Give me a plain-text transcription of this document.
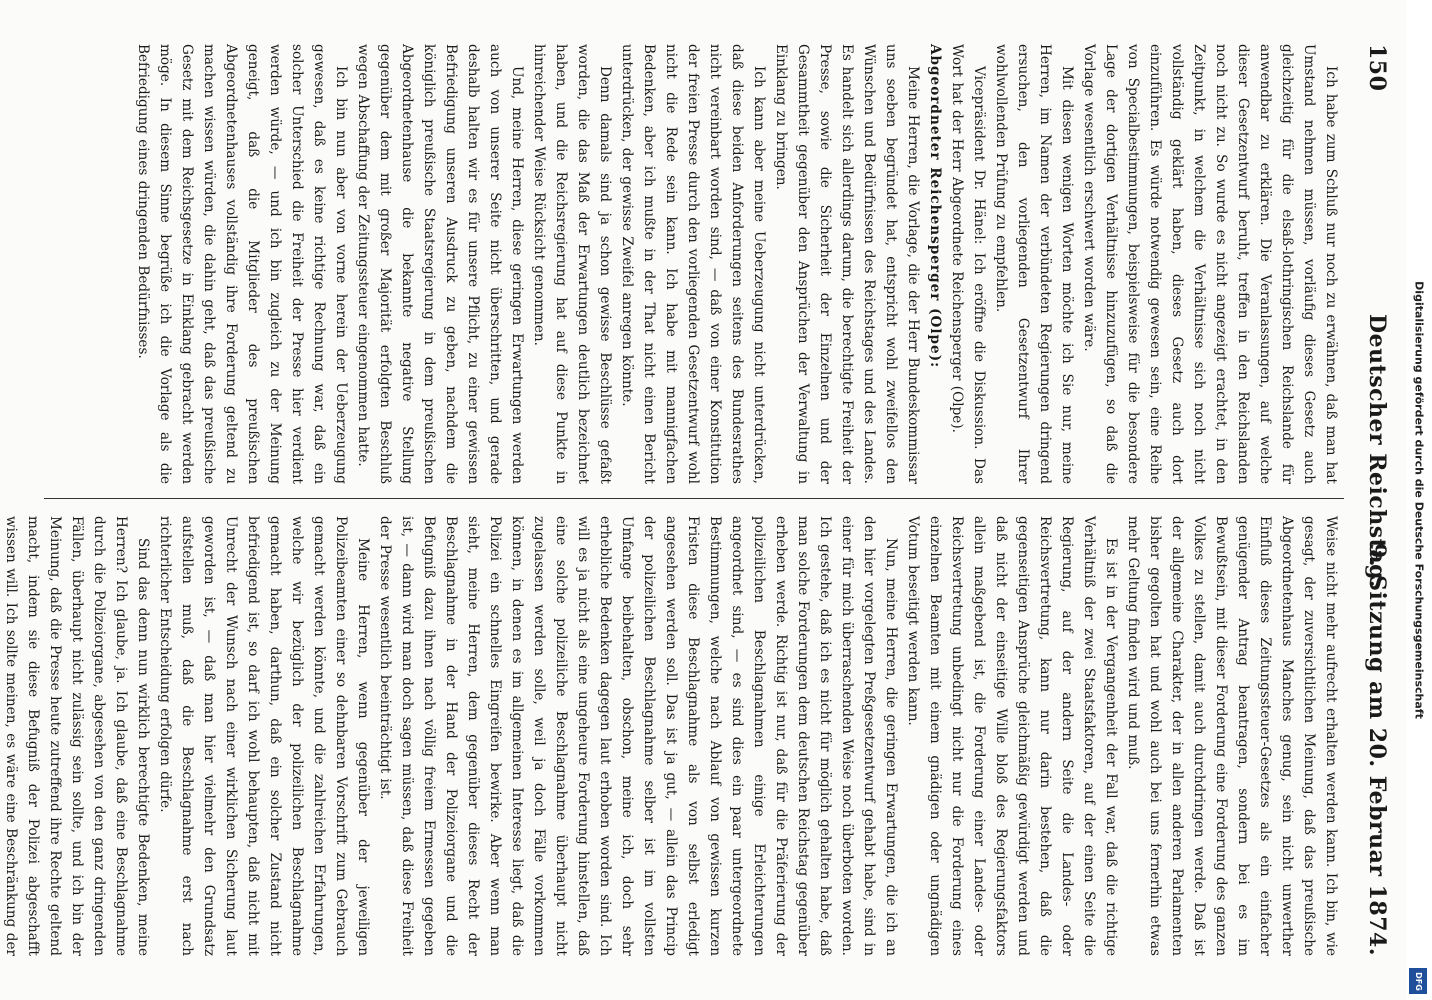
150
Deutscher Reichstag.
9. Sitzung am 20. Februar 1874.

Ich habe zum Schluß nur noch zu erwähnen, daß man hat Umstand nehmen müssen, vorläufig dieses Gesetz auch gleichzeitig für die elsaß-lothringischen Reichslande für anwendbar zu erklären. Die Veranlassungen, auf welche dieser Gesetzentwurf beruht, treffen in den Reichslanden noch nicht zu. So wurde es nicht angezeigt erachtet, in den Zeitpunkt, in welchem die Verhältnisse sich noch nicht vollständig geklärt haben, dieses Gesetz auch dort einzuführen. Es würde notwendig gewesen sein, eine Reihe von Specialbestimmungen, beispielsweise für die besondere Lage der dortigen Verhältnisse hinzuzufügen, so daß die Vorlage wesentlich erschwert worden wäre.

Mit diesen wenigen Worten möchte ich Sie nur, meine Herren, im Namen der verbündeten Regierungen dringend ersuchen, den vorliegenden Gesetzentwurf Ihrer wohlwollenden Prüfung zu empfehlen.

Vicepräsident Dr. Hänel: Ich eröffne die Diskussion. Das Wort hat der Herr Abgeordnete Reichensperger (Olpe).

Abgeordneter Reichensperger (Olpe):

Meine Herren, die Vorlage, die der Herr Bundeskommissar uns soeben begründet hat, entspricht wohl zweifellos den Wünschen und Bedürfnissen des Reichstages und des Landes. Es handelt sich allerdings darum, die berechtigte Freiheit der Presse, sowie die Sicherheit der Einzelnen und der Gesammtheit gegenüber den Ansprüchen der Verwaltung in Einklang zu bringen.

Ich kann aber meine Ueberzeugung nicht unterdrücken, daß diese beiden Anforderungen seitens des Bundesrathes nicht vereinbart worden sind, — daß von einer Konstitution der freien Presse durch den vorliegenden Gesetzentwurf wohl nicht die Rede sein kann. Ich habe mit mannigfachen Bedenken, aber ich mußte in der That nicht einen Bericht unterdrücken, der gewisse Zweifel anregen könnte.

Denn damals sind ja schon gewisse Beschlüsse gefaßt worden, die das Maß der Erwartungen deutlich bezeichnet haben, und die Reichsregierung hat auf diese Punkte in hinreichender Weise Rücksicht genommen.

Und, meine Herren, diese geringen Erwartungen werden auch von unserer Seite nicht überschritten, und gerade deshalb halten wir es für unsere Pflicht, zu einer gewissen Befriedigung unseren Ausdruck zu geben, nachdem die königlich preußische Staatsregierung in dem preußischen Abgeordnetenhause die bekannte negative Stellung gegenüber dem mit großer Majorität erfolgten Beschluß wegen Abschaffung der Zeitungssteuer eingenommen hatte.

Ich bin nun aber von vorne herein der Ueberzeugung gewesen, daß es keine richtige Rechnung war, daß ein solcher Unterschied die Freiheit der Presse hier verdient werden würde, — und ich bin zugleich zu der Meinung geneigt, daß die Mitglieder des preußischen Abgeordnetenhauses vollständig ihre Forderung geltend zu machen wissen würden, die dahin geht, daß das preußische Gesetz mit dem Reichsgesetze in Einklang gebracht werden möge. In diesem Sinne begrüße ich die Vorlage als die Befriedigung eines dringenden Bedürfnisses.

Weise nicht mehr aufrecht erhalten werden kann. Ich bin, wie gesagt, der zuversichtlichen Meinung, daß das preußische Abgeordnetenhaus Manches genug, sein nicht unwerther Einfluß dieses Zeitungssteuer-Gesetzes als ein einfacher genügender Antrag beantragen, sondern bei es im Bewußtsein, mit dieser Forderung eine Forderung des ganzen Volkes zu stellen, damit auch durchdringen werde. Daß ist der allgemeine Charakter, der in allen anderen Parlamenten bisher gegolten hat und wohl auch bei uns fernerhin etwas mehr Geltung finden wird und muß.

Es ist in der Vergangenheit der Fall war, daß die richtige Verhältniß der zwei Staatsfaktoren, auf der einen Seite die Regierung, auf der andern Seite die Landes- oder Reichsvertretung, kann nur darin bestehen, daß die gegenseitigen Ansprüche gleichmäßig gewürdigt werden und daß nicht der einseitige Wille bloß des Regierungsfaktors allein maßgebend ist, die Forderung einer Landes- oder Reichsvertretung unbedingt nicht nur die Forderung eines einzelnen Beamten mit einem gnädigen oder ungnädigen Votum beseitigt werden kann.

Nun, meine Herren, die geringen Erwartungen, die ich an den hier vorgelegten Preßgesetzentwurf gehabt habe, sind in einer für mich überraschenden Weise noch überboten worden. Ich gestehe, daß ich es nicht für möglich gehalten habe, daß man solche Forderungen dem deutschen Reichstag gegenüber erheben werde. Richtig ist nur, daß für die Präferierung der polizeilichen Beschlagnahmen einige Erleichterungen angeordnet sind, — es sind dies ein paar untergeordnete Bestimmungen, welche nach Ablauf von gewissen kurzen Fristen diese Beschlagnahme als von selbst erledigt angesehen werden soll. Das ist ja gut, — allein das Princip der polizeilichen Beschlagnahme selber ist im vollsten Umfange beibehalten, obschon, meine ich, doch sehr erhebliche Bedenken dagegen laut erhoben worden sind. Ich will es ja nicht als eine ungeheure Forderung hinstellen, daß eine solche polizeiliche Beschlagnahme überhaupt nicht zugelassen werden solle, weil ja doch Fälle vorkommen können, in denen es im allgemeinen Interesse liegt, daß die Polizei ein schnelles Eingreifen bewirke. Aber wenn man sieht, meine Herren, dem gegenüber dieses Recht der Beschlagnahme in der Hand der Polizeiorgane und die Befugniß dazu ihnen nach völlig freiem Ermessen gegeben ist, — dann wird man doch sagen müssen, daß diese Freiheit der Presse wesentlich beeinträchtigt ist.

Meine Herren, wenn gegenüber der jeweiligen Polizeibeamten einer so dehnbaren Vorschrift zum Gebrauch gemacht werden könnte, und die zahlreichen Erfahrungen, welche wir bezüglich der polizeilichen Beschlagnahme gemacht haben, darthun, daß ein solcher Zustand nicht befriedigend ist, so darf ich wohl behaupten, daß nicht mit Unrecht der Wunsch nach einer wirklichen Sicherung laut geworden ist, — daß man hier vielmehr den Grundsatz aufstellen muß, daß die Beschlagnahme erst nach richterlicher Entscheidung erfolgen dürfe.

Sind das denn nun wirklich berechtigte Bedenken, meine Herren? Ich glaube, ja. Ich glaube, daß eine Beschlagnahme durch die Polizeiorgane, abgesehen von den ganz dringenden Fällen, überhaupt nicht zulässig sein sollte, und ich bin der Meinung, daß die Presse heute zutreffend ihre Rechte geltend macht, indem sie diese Befugniß der Polizei abgeschafft wissen will. Ich sollte meinen, es wäre eine Beschränkung der

Digitalisierung gefördert durch die Deutsche Forschungsgemeinschaft
DFG
